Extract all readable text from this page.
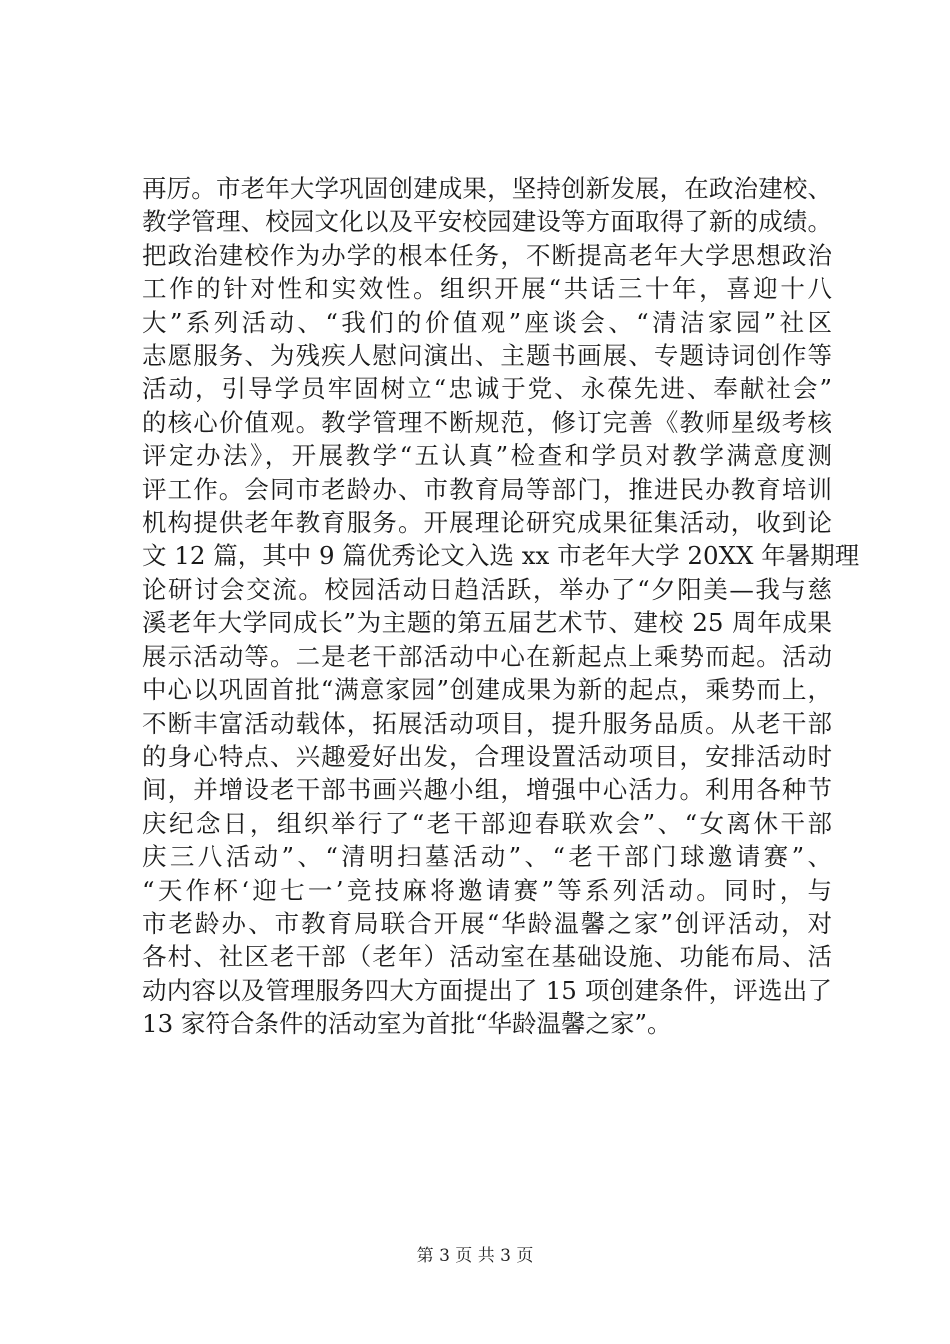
再厉。市老年大学巩固创建成果，坚持创新发展，在政治建校、
教学管理、校园文化以及平安校园建设等方面取得了新的成绩。
把政治建校作为办学的根本任务，不断提高老年大学思想政治
工作的针对性和实效性。组织开展“共话三十年，喜迎十八
大”系列活动、“我们的价值观”座谈会、“清洁家园”社区
志愿服务、为残疾人慰问演出、主题书画展、专题诗词创作等
活动，引导学员牢固树立“忠诚于党、永葆先进、奉献社会”
的核心价值观。教学管理不断规范，修订完善《教师星级考核
评定办法》，开展教学“五认真”检查和学员对教学满意度测
评工作。会同市老龄办、市教育局等部门，推进民办教育培训
机构提供老年教育服务。开展理论研究成果征集活动，收到论
文 12 篇，其中 9 篇优秀论文入选 xx 市老年大学 20XX 年暑期理
论研讨会交流。校园活动日趋活跃，举办了“夕阳美—我与慈
溪老年大学同成长”为主题的第五届艺术节、建校 25 周年成果
展示活动等。二是老干部活动中心在新起点上乘势而起。活动
中心以巩固首批“满意家园”创建成果为新的起点，乘势而上，
不断丰富活动载体，拓展活动项目，提升服务品质。从老干部
的身心特点、兴趣爱好出发，合理设置活动项目，安排活动时
间，并增设老干部书画兴趣小组，增强中心活力。利用各种节
庆纪念日，组织举行了“老干部迎春联欢会”、“女离休干部
庆三八活动”、“清明扫墓活动”、“老干部门球邀请赛”、
“天作杯‘迎七一’竞技麻将邀请赛”等系列活动。同时，与
市老龄办、市教育局联合开展“华龄温馨之家”创评活动，对
各村、社区老干部（老年）活动室在基础设施、功能布局、活
动内容以及管理服务四大方面提出了 15 项创建条件，评选出了
13 家符合条件的活动室为首批“华龄温馨之家”。
第 3 页 共 3 页
